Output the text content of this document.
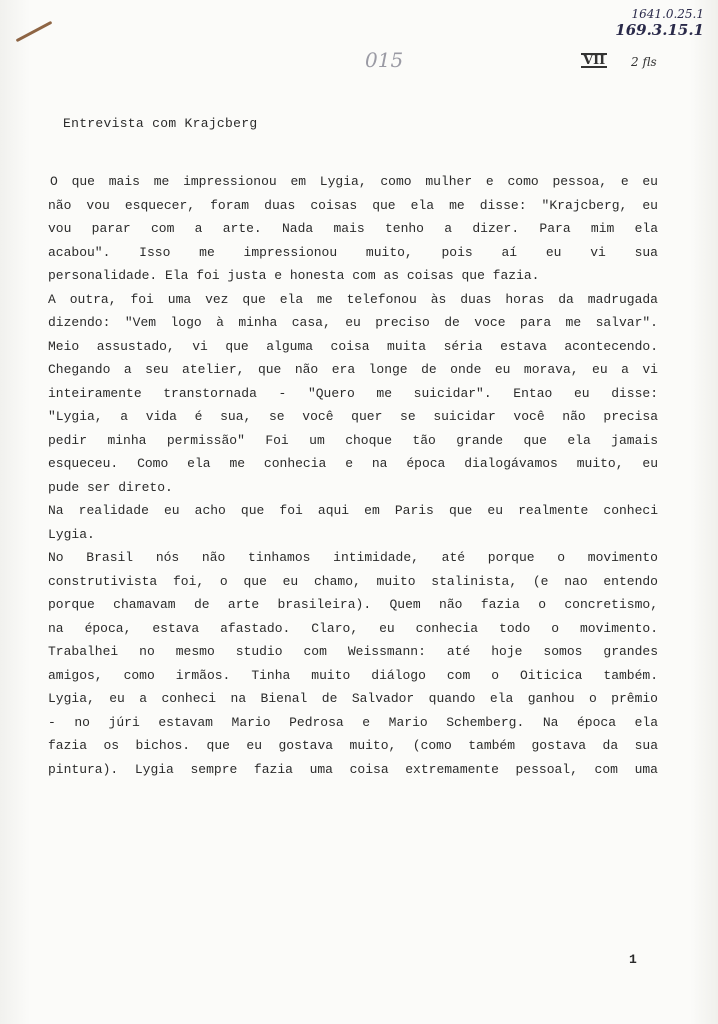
1641.0.25.1
169.3.15.1
015	VII 2 fls
Entrevista com Krajcberg
O que mais me impressionou em Lygia, como mulher e como pessoa, e eu
não vou esquecer, foram duas coisas que ela me disse: "Krajcberg, eu
vou parar com a arte. Nada mais tenho a dizer. Para mim ela
acabou". Isso me impressionou muito, pois aí eu vi sua
personalidade. Ela foi justa e honesta com as coisas que fazia.
A outra, foi uma vez que ela me telefonou às duas horas da madrugada
dizendo: "Vem logo à minha casa, eu preciso de voce para me salvar".
Meio assustado, vi que alguma coisa muita séria estava acontecendo.
Chegando a seu atelier, que não era longe de onde eu morava, eu a vi
inteiramente transtornada - "Quero me suicidar". Entao eu disse:
"Lygia, a vida é sua, se você quer se suicidar você não precisa
pedir minha permissão" Foi um choque tão grande que ela jamais
esqueceu. Como ela me conhecia e na época dialogávamos muito, eu
pude ser direto.
Na realidade eu acho que foi aqui em Paris que eu realmente conheci
Lygia.
No Brasil nós não tinhamos intimidade, até porque o movimento
construtivista foi, o que eu chamo, muito stalinista, (e nao entendo
porque chamavam de arte brasileira). Quem não fazia o concretismo,
na época, estava afastado. Claro, eu conhecia todo o movimento.
Trabalhei no mesmo studio com Weissmann: até hoje somos grandes
amigos, como irmãos. Tinha muito diálogo com o Oiticica também.
Lygia, eu a conheci na Bienal de Salvador quando ela ganhou o prêmio
- no júri estavam Mario Pedrosa e Mario Schemberg. Na época ela
fazia os bichos. que eu gostava muito, (como também gostava da sua
pintura). Lygia sempre fazia uma coisa extremamente pessoal, com uma
1
